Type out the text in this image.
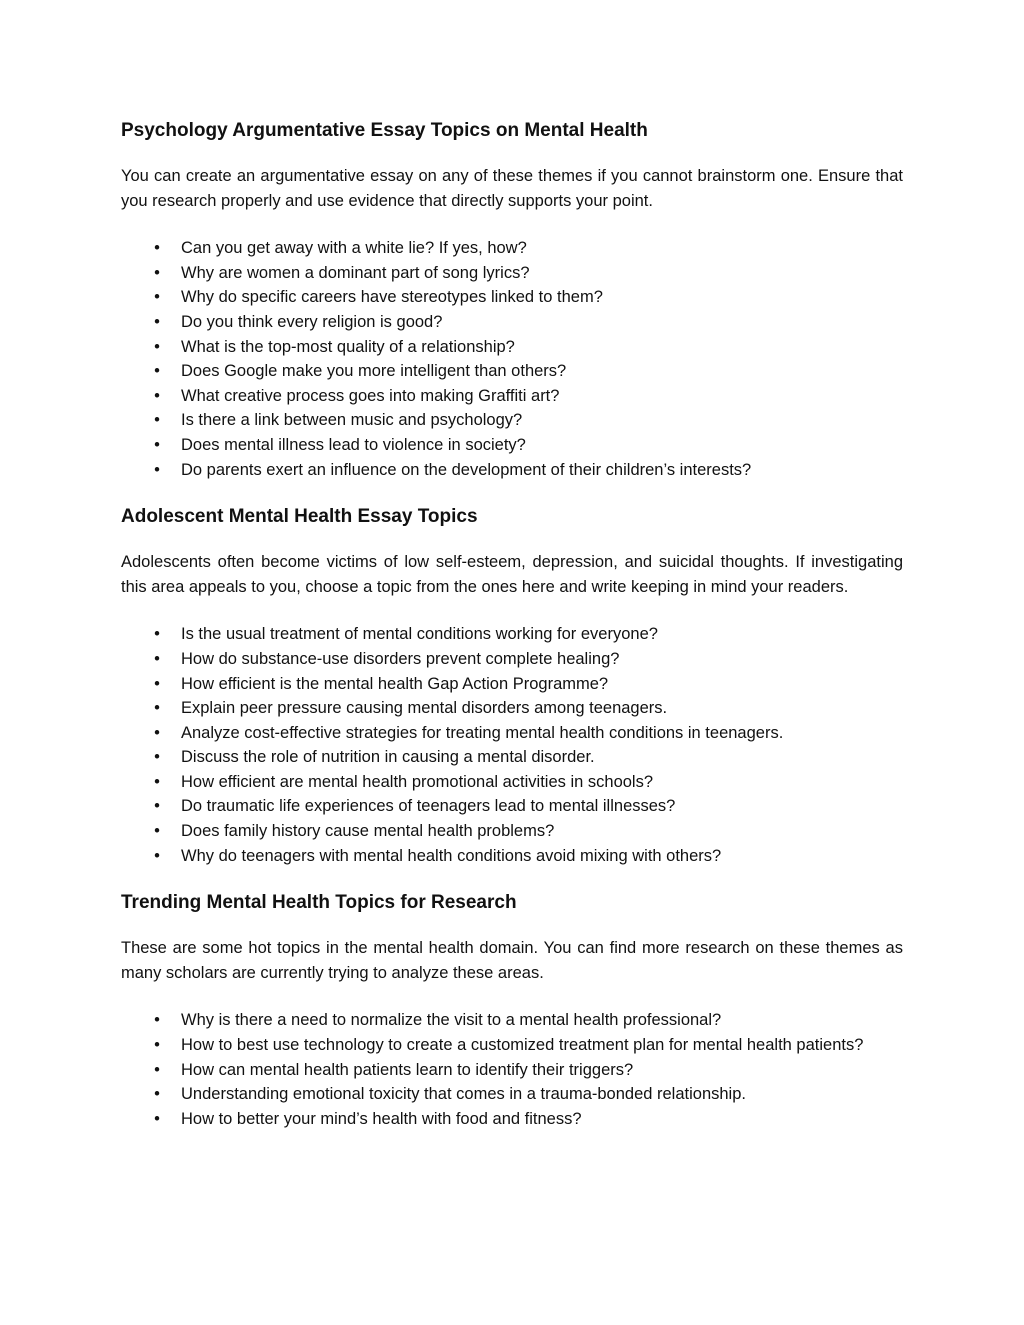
Psychology Argumentative Essay Topics on Mental Health

You can create an argumentative essay on any of these themes if you cannot brainstorm one. Ensure that you research properly and use evidence that directly supports your point.

•
Can you get away with a white lie? If yes, how?
•
Why are women a dominant part of song lyrics?
•
Why do specific careers have stereotypes linked to them?
•
Do you think every religion is good?
•
What is the top-most quality of a relationship?
•
Does Google make you more intelligent than others?
•
What creative process goes into making Graffiti art?
•
Is there a link between music and psychology?
•
Does mental illness lead to violence in society?
•
Do parents exert an influence on the development of their children’s interests?
Adolescent Mental Health Essay Topics

Adolescents often become victims of low self-esteem, depression, and suicidal thoughts. If investigating this area appeals to you, choose a topic from the ones here and write keeping in mind your readers.

•
Is the usual treatment of mental conditions working for everyone?
•
How do substance-use disorders prevent complete healing?
•
How efficient is the mental health Gap Action Programme?
•
Explain peer pressure causing mental disorders among teenagers.
•
Analyze cost-effective strategies for treating mental health conditions in teenagers.
•
Discuss the role of nutrition in causing a mental disorder.
•
How efficient are mental health promotional activities in schools?
•
Do traumatic life experiences of teenagers lead to mental illnesses?
•
Does family history cause mental health problems?
•
Why do teenagers with mental health conditions avoid mixing with others?
Trending Mental Health Topics for Research

These are some hot topics in the mental health domain. You can find more research on these themes as many scholars are currently trying to analyze these areas.

•
Why is there a need to normalize the visit to a mental health professional?
•
How to best use technology to create a customized treatment plan for mental health patients?
•
How can mental health patients learn to identify their triggers?
•
Understanding emotional toxicity that comes in a trauma-bonded relationship.
•
How to better your mind’s health with food and fitness?
